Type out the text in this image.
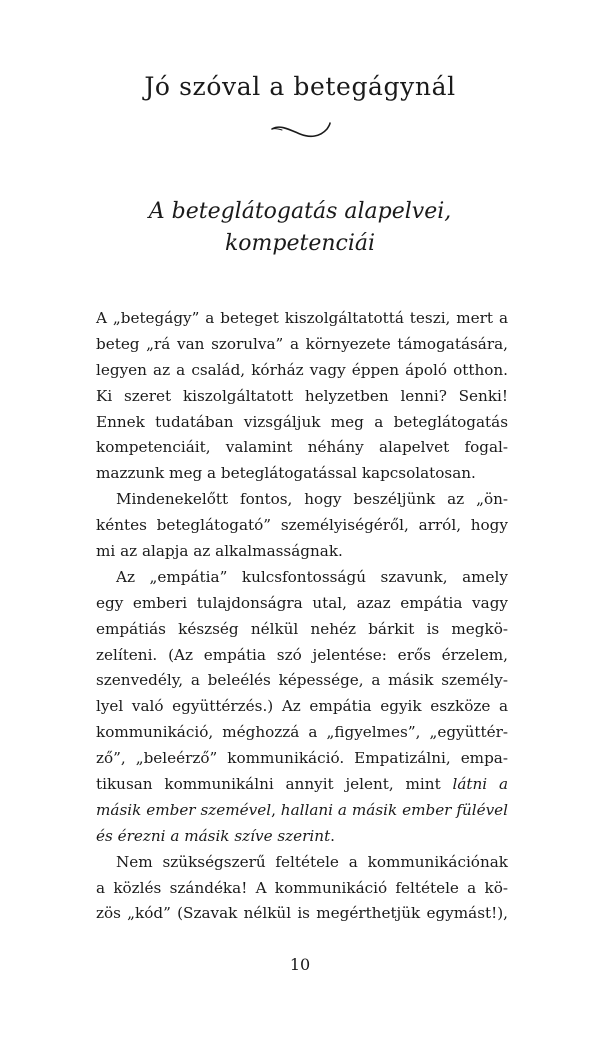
Jó szóval a betegágynál
A beteglátogatás alapelvei,
kompetenciái
A „betegágy” a beteget kiszolgáltatottá teszi, mert a
beteg „rá van szorulva” a környezete támogatására,
legyen az a család, kórház vagy éppen ápoló otthon.
Ki szeret kiszolgáltatott helyzetben lenni? Senki!
Ennek tudatában vizsgáljuk meg a beteglátogatás
kompetenciáit, valamint néhány alapelvet fogal-
mazzunk meg a beteglátogatással kapcsolatosan.
Mindenekelőtt fontos, hogy beszéljünk az „ön-
kéntes beteglátogató” személyiségéről, arról, hogy
mi az alapja az alkalmasságnak.
Az „empátia” kulcsfontosságú szavunk, amely
egy emberi tulajdonságra utal, azaz empátia vagy
empátiás készség nélkül nehéz bárkit is megkö-
zelíteni. (Az empátia szó jelentése: erős érzelem,
szenvedély, a beleélés képessége, a másik személy-
lyel való együttérzés.) Az empátia egyik eszköze a
kommunikáció, méghozzá a „figyelmes”, „együttér-
ző”, „beleérző” kommunikáció. Empatizálni, empa-
tikusan kommunikálni annyit jelent, mint látni a
másik ember szemével, hallani a másik ember fülével
és érezni a másik szíve szerint.
Nem szükségszerű feltétele a kommunikációnak
a közlés szándéka! A kommunikáció feltétele a kö-
zös „kód” (Szavak nélkül is megérthetjük egymást!),
10
